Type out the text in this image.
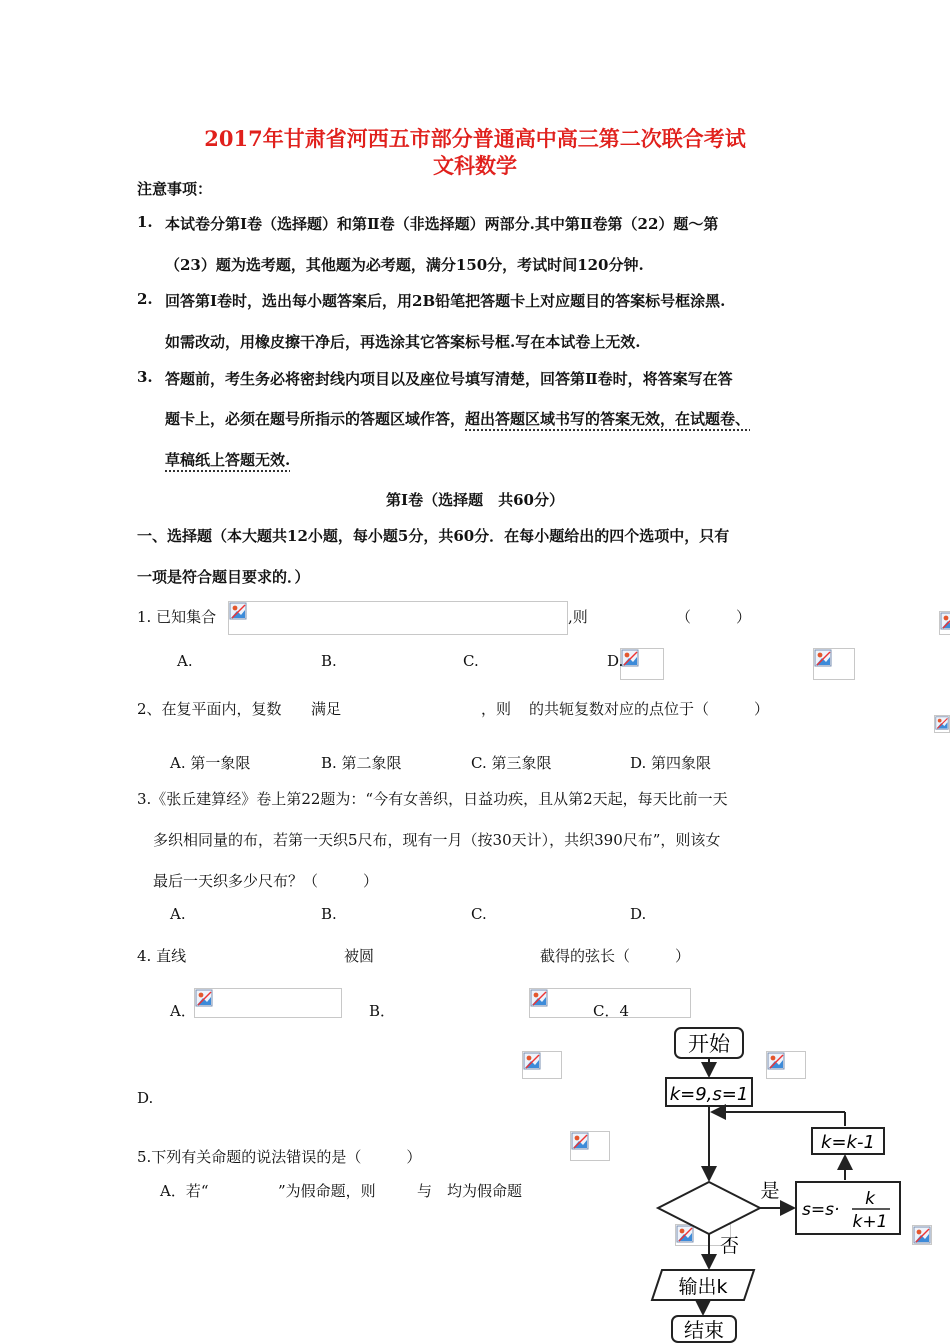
2017年甘肃省河西五市部分普通高中高三第二次联合考试
文科数学
注意事项：
1. 本试卷分第Ⅰ卷（选择题）和第Ⅱ卷（非选择题）两部分.其中第Ⅱ卷第（22）题～第
（23）题为选考题，其他题为必考题，满分150分，考试时间120分钟.
2. 回答第Ⅰ卷时，选出每小题答案后，用2B铅笔把答题卡上对应题目的答案标号框涂黑.
如需改动，用橡皮擦干净后，再选涂其它答案标号框.写在本试卷上无效.
3. 答题前，考生务必将密封线内项目以及座位号填写清楚，回答第Ⅱ卷时，将答案写在答
题卡上，必须在题号所指示的答题区域作答，超出答题区域书写的答案无效，在试题卷、
草稿纸上答题无效.
第Ⅰ卷（选择题　共60分）
一、选择题（本大题共12小题，每小题5分，共60分．在每小题给出的四个选项中，只有
一项是符合题目要求的．）
1. 已知集合
	,则
	（　　　）
A.
	B.
	C.
	D.

2、在复平面内，复数
满足
	，则
的共轭复数对应的点位于（　　　）
A. 第一象限	B. 第二象限	C. 第三象限	D. 第四象限
3.《张丘建算经》卷上第22题为：“今有女善织，日益功疾，且从第2天起，每天比前一天
多织相同量的布，若第一天织5尺布，现有一月（按30天计），共织390尺布”，则该女
最后一天织多少尺布？（　　　）
A.
	B.
	C.
	D.

4. 直线
	被圆
	截得的弦长（　　　）
A．
	B．
	C．4
D.

5.下列有关命题的说法错误的是（　　　）
A．若“
	”为假命题，则
	与 均为假命题
开始
k=9,s=1
k=k-1
是
s=s·
k
k+1
否
输出k
结束
